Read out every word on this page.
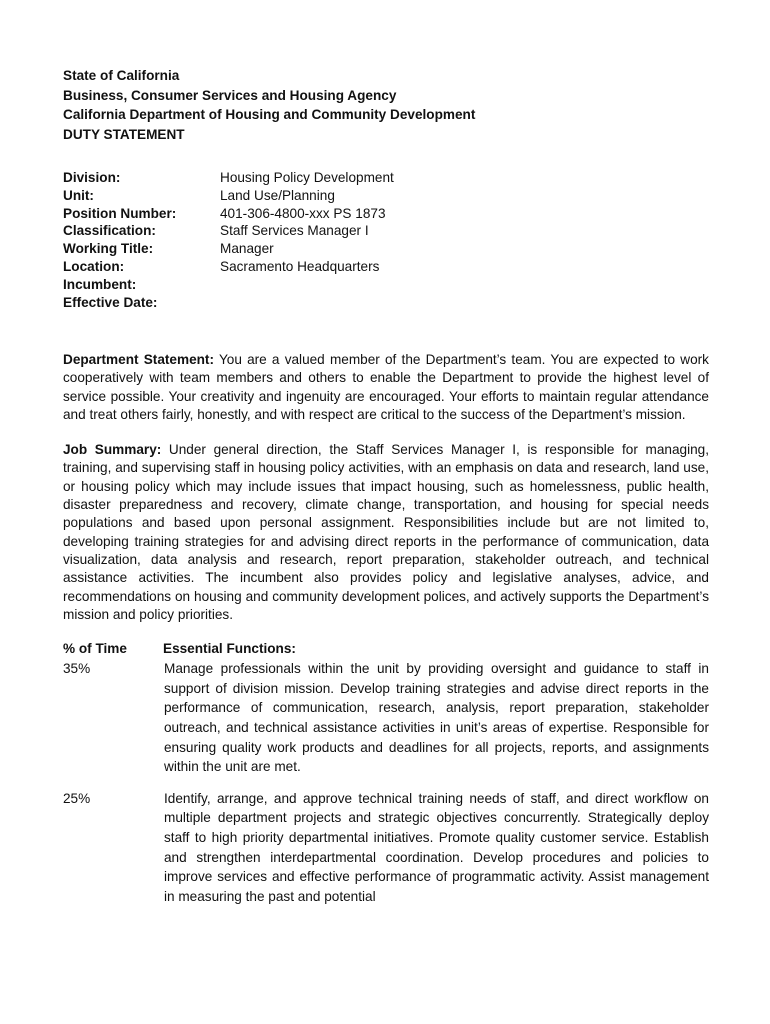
State of California
Business, Consumer Services and Housing Agency
California Department of Housing and Community Development
DUTY STATEMENT
Division:	Housing Policy Development
Unit:	Land Use/Planning
Position Number:	401-306-4800-xxx PS 1873
Classification:	Staff Services Manager I
Working Title:	Manager
Location:	Sacramento Headquarters
Incumbent:
Effective Date:

Department Statement: You are a valued member of the Department’s team. You are expected to work cooperatively with team members and others to enable the Department to provide the highest level of service possible. Your creativity and ingenuity are encouraged. Your efforts to maintain regular attendance and treat others fairly, honestly, and with respect are critical to the success of the Department’s mission.

Job Summary: Under general direction, the Staff Services Manager I, is responsible for managing, training, and supervising staff in housing policy activities, with an emphasis on data and research, land use, or housing policy which may include issues that impact housing, such as homelessness, public health, disaster preparedness and recovery, climate change, transportation, and housing for special needs populations and based upon personal assignment. Responsibilities include but are not limited to, developing training strategies for and advising direct reports in the performance of communication, data visualization, data analysis and research, report preparation, stakeholder outreach, and technical assistance activities. The incumbent also provides policy and legislative analyses, advice, and recommendations on housing and community development polices, and actively supports the Department’s mission and policy priorities.

% of Time	Essential Functions:
35%	Manage professionals within the unit by providing oversight and guidance to staff in support of division mission. Develop training strategies and advise direct reports in the performance of communication, research, analysis, report preparation, stakeholder outreach, and technical assistance activities in unit’s areas of expertise. Responsible for ensuring quality work products and deadlines for all projects, reports, and assignments within the unit are met.
25%	Identify, arrange, and approve technical training needs of staff, and direct workflow on multiple department projects and strategic objectives concurrently. Strategically deploy staff to high priority departmental initiatives. Promote quality customer service. Establish and strengthen interdepartmental coordination. Develop procedures and policies to improve services and effective performance of programmatic activity. Assist management in measuring the past and potential
